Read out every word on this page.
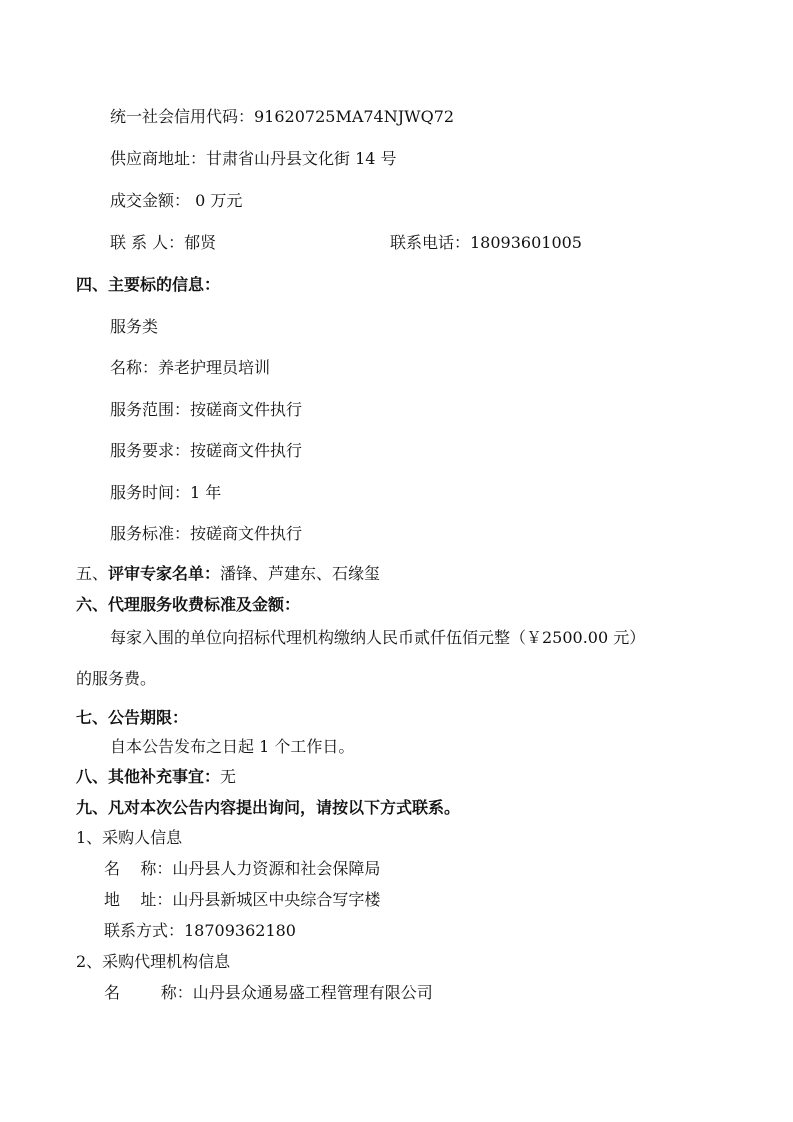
统一社会信用代码：91620725MA74NJWQ72
供应商地址：甘肃省山丹县文化街 14 号
成交金额： 0 万元
联 系 人：郁贤	联系电话：18093601005
四、主要标的信息：
服务类
名称：养老护理员培训
服务范围：按磋商文件执行
服务要求：按磋商文件执行
服务时间：1 年
服务标准：按磋商文件执行
五、评审专家名单：潘锋、芦建东、石缘玺
六、代理服务收费标准及金额：
每家入围的单位向招标代理机构缴纳人民币贰仟伍佰元整（￥2500.00 元）
的服务费。
七、公告期限：
自本公告发布之日起 1 个工作日。
八、其他补充事宜：无
九、凡对本次公告内容提出询问，请按以下方式联系。
1、采购人信息
名    称：山丹县人力资源和社会保障局
地    址：山丹县新城区中央综合写字楼
联系方式：18709362180
2、采购代理机构信息
名        称：山丹县众通易盛工程管理有限公司
